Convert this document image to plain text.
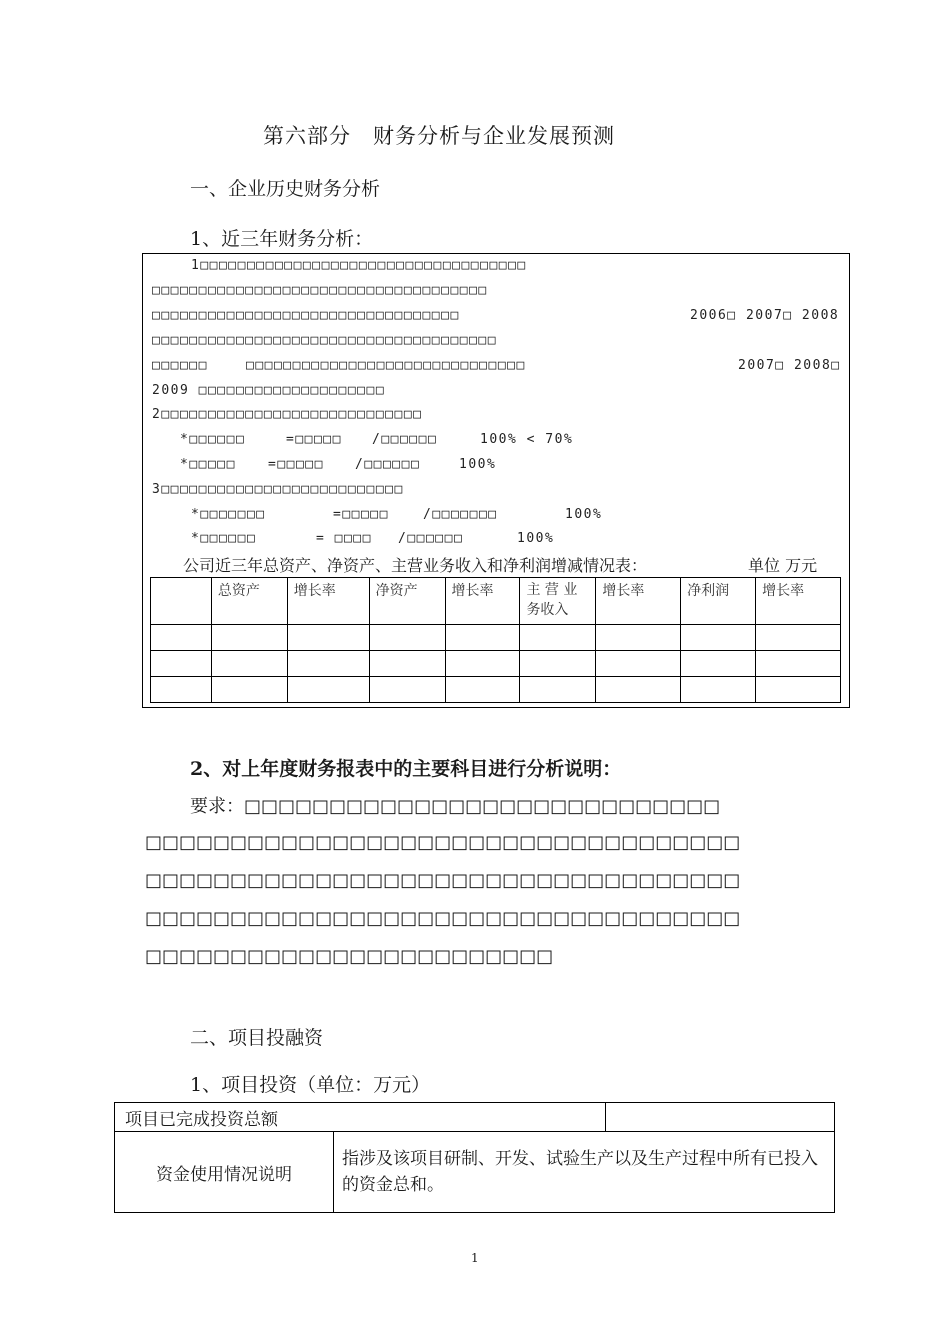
第六部分　财务分析与企业发展预测
一、企业历史财务分析
1、近三年财务分析：
1□□□□□□□□□□□□□□□□□□□□□□□□□□□□□□□□□□□
□□□□□□□□□□□□□□□□□□□□□□□□□□□□□□□□□□□□
□□□□□□□□□□□□□□□□□□□□□□□□□□□□□□□□□	2006□ 2007□ 2008
□□□□□□□□□□□□□□□□□□□□□□□□□□□□□□□□□□□□□
□□□□□□	□□□□□□□□□□□□□□□□□□□□□□□□□□□□□□	2007□ 2008□
2009 □□□□□□□□□□□□□□□□□□□□
2□□□□□□□□□□□□□□□□□□□□□□□□□□□□
*□□□□□□	=□□□□□ /□□□□□□	100% < 70%
*□□□□□ =□□□□□ /□□□□□□	100%
3□□□□□□□□□□□□□□□□□□□□□□□□□□
*□□□□□□□	=□□□□□	/□□□□□□□	100%
*□□□□□□	= □□□□ /□□□□□□	100%
公司近三年总资产、净资产、主营业务收入和净利润增减情况表：	单位 万元
	总资产	增长率	净资产	增长率	主 营 业
务收入	增长率	净利润	增长率

2、对上年度财务报表中的主要科目进行分析说明：
要求：□□□□□□□□□□□□□□□□□□□□□□□□□□□□
□□□□□□□□□□□□□□□□□□□□□□□□□□□□□□□□□□□
□□□□□□□□□□□□□□□□□□□□□□□□□□□□□□□□□□□
□□□□□□□□□□□□□□□□□□□□□□□□□□□□□□□□□□□
□□□□□□□□□□□□□□□□□□□□□□□□
二、项目投融资
1、项目投资（单位：万元）
项目已完成投资总额		
资金使用情况说明	指涉及该项目研制、开发、试验生产以及生产过程中所有已投入的资金总和。	
1
